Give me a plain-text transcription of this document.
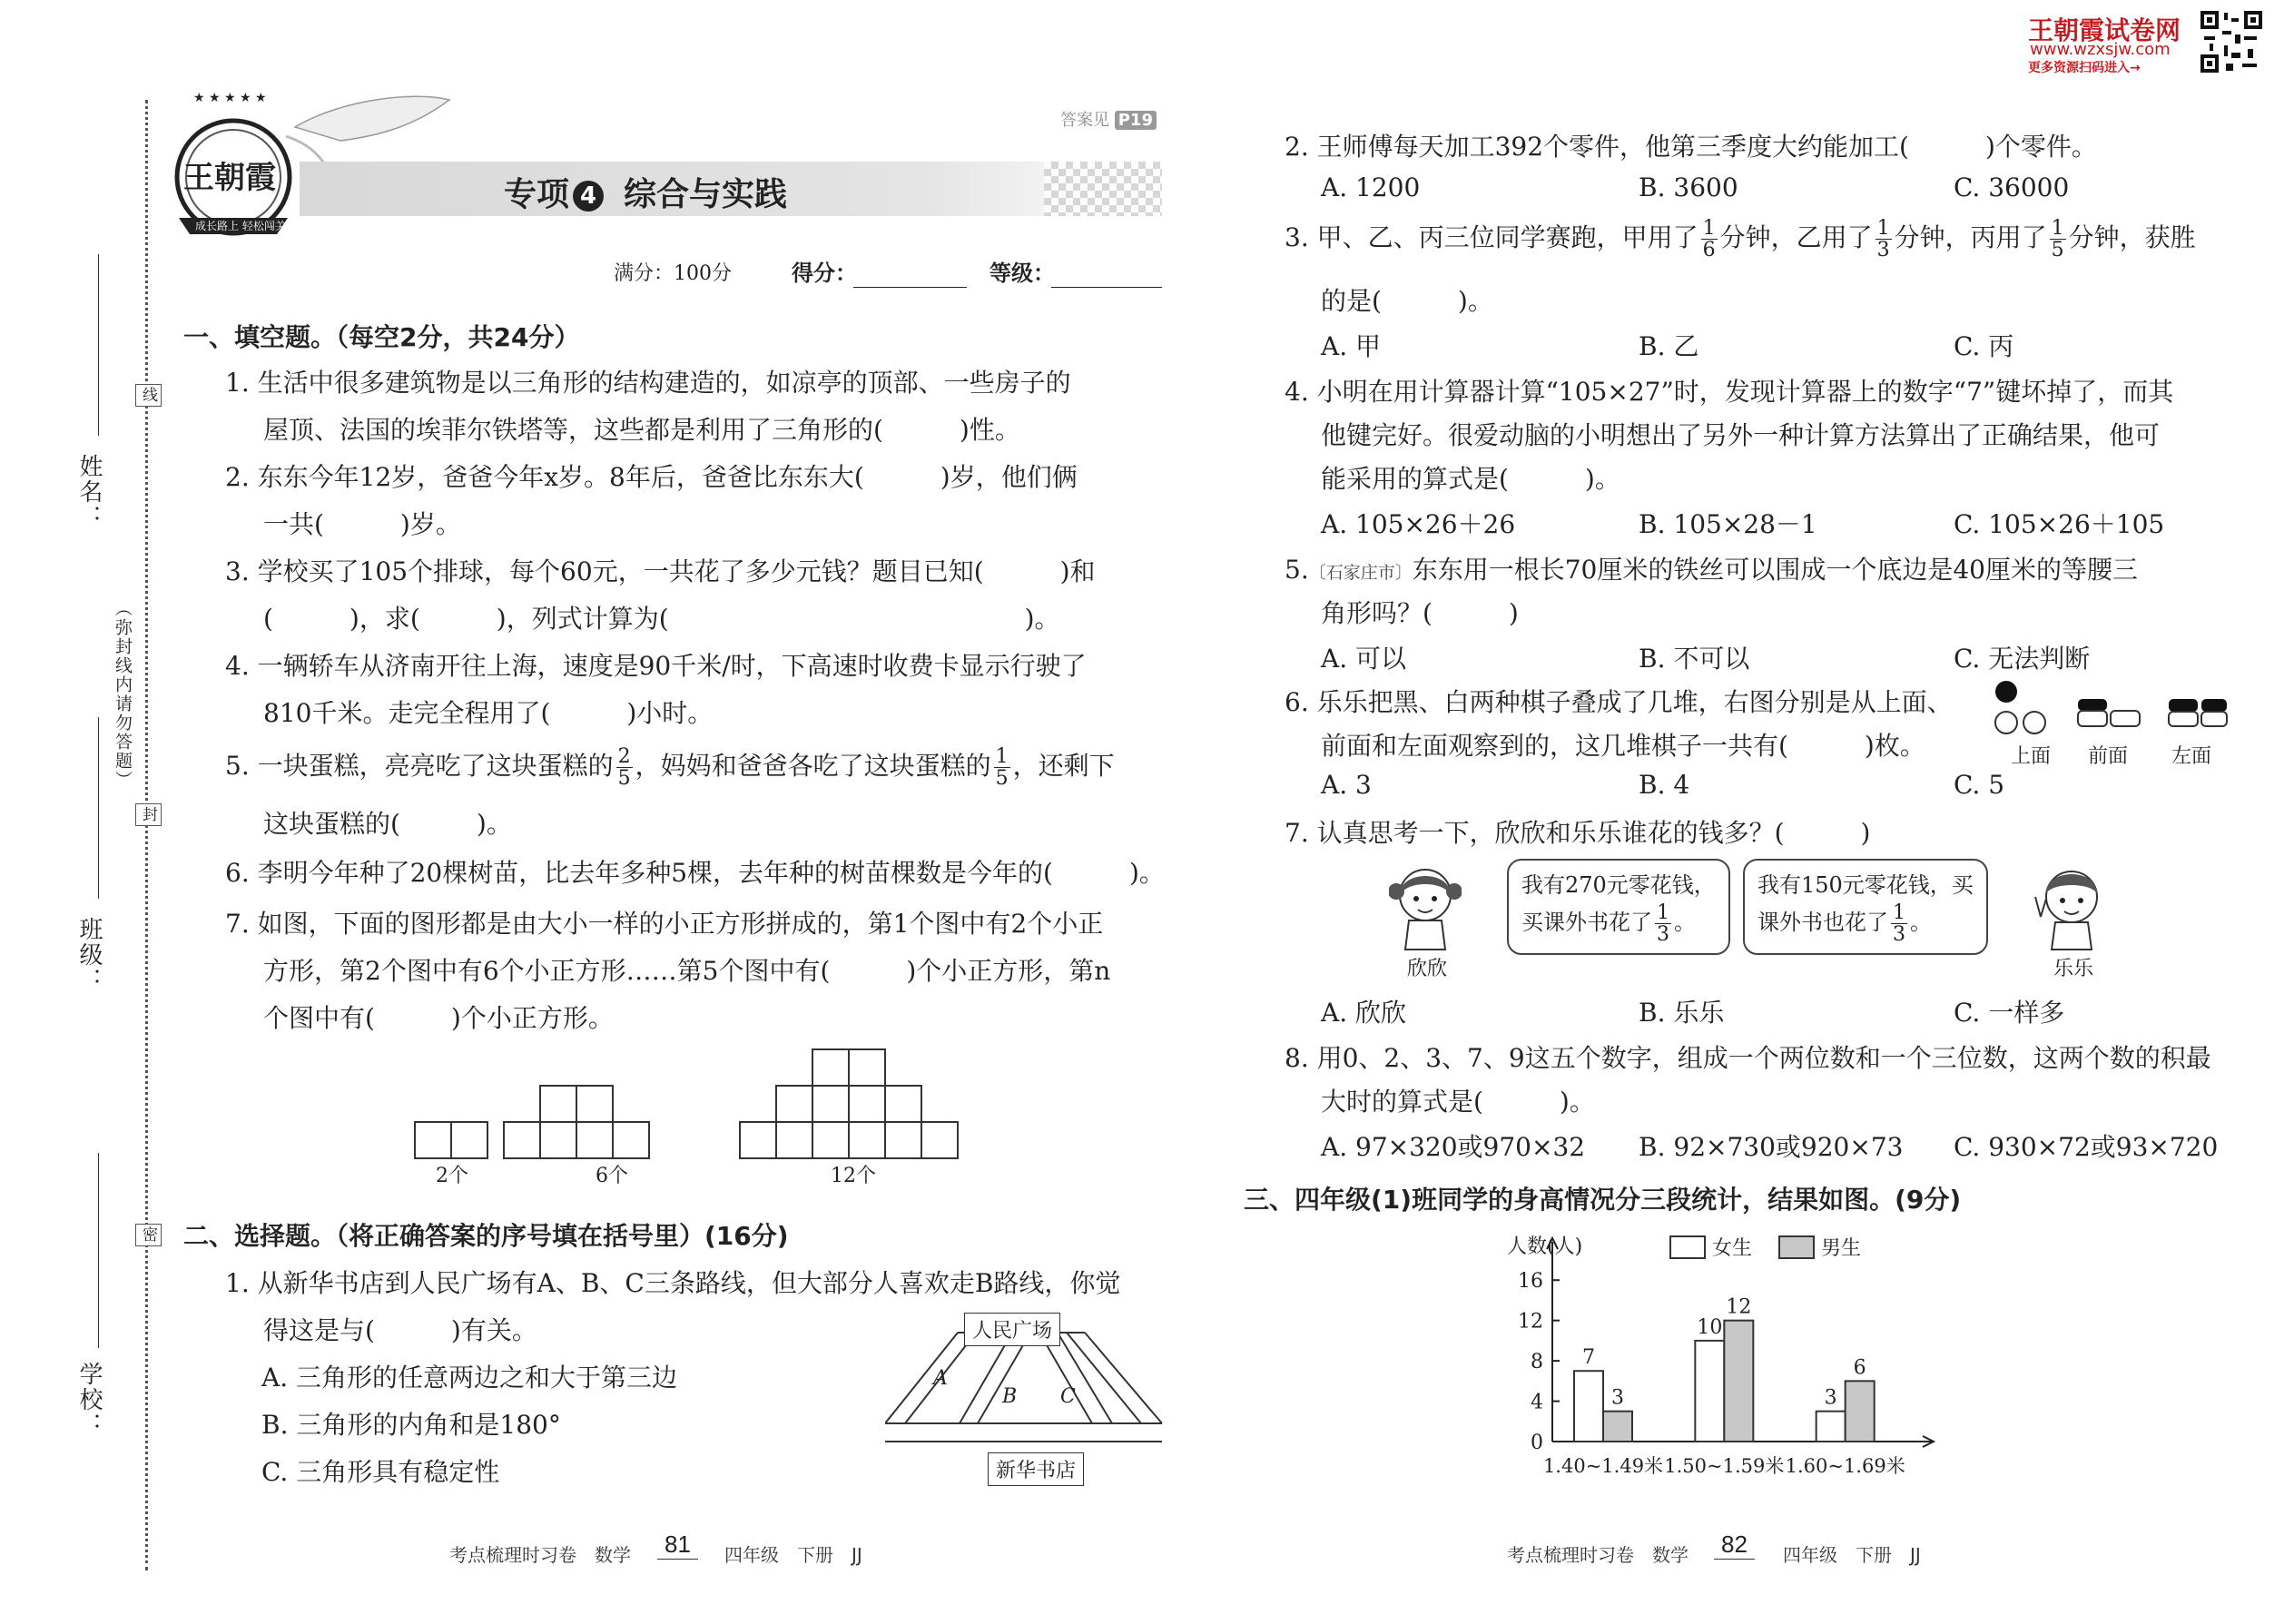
王朝霞试卷网
www.wzxsjw.com
更多资源扫码进入→
姓名：
班级：
学校：
（弥封线内请勿答题）
线
封
密
★ ★ ★ ★ ★
王朝霞
成长路上 轻松闯关
答案见 P19
专项 4 综合与实践
满分：100分	得分：	等级：
一、填空题。（每空2分，共24分）
1. 生活中很多建筑物是以三角形的结构建造的，如凉亭的顶部、一些房子的
屋顶、法国的埃菲尔铁塔等，这些都是利用了三角形的(　　　)性。
2. 东东今年12岁，爸爸今年x岁。8年后，爸爸比东东大(　　　)岁，他们俩
一共(　　　)岁。
3. 学校买了105个排球，每个60元，一共花了多少元钱？题目已知(　　　)和
(　　　)，求(　　　)，列式计算为(　　　　　　　　　　　　　　)。
4. 一辆轿车从济南开往上海，速度是90千米/时，下高速时收费卡显示行驶了
810千米。走完全程用了(　　　)小时。
5. 一块蛋糕，亮亮吃了这块蛋糕的 $\frac{2}{5}$ ，妈妈和爸爸各吃了这块蛋糕的 $\frac{1}{5}$ ，还剩下
这块蛋糕的(　　　)。
6. 李明今年种了20棵树苗，比去年多种5棵，去年种的树苗棵数是今年的(　　　)。
7. 如图，下面的图形都是由大小一样的小正方形拼成的，第1个图中有2个小正
方形，第2个图中有6个小正方形……第5个图中有(　　　)个小正方形，第n
个图中有(　　　)个小正方形。
2个	6个	12个
二、选择题。（将正确答案的序号填在括号里）(16分)
1. 从新华书店到人民广场有A、B、C三条路线，但大部分人喜欢走B路线，你觉
得这是与(　　　)有关。
A. 三角形的任意两边之和大于第三边
B. 三角形的内角和是180°
C. 三角形具有稳定性
人民广场
新华书店
A
B C
考点梳理时习卷　数学	81	四年级　下册　JJ
2. 王师傅每天加工392个零件，他第三季度大约能加工(　　　)个零件。
A. 1200	B. 3600	C. 36000
3. 甲、乙、丙三位同学赛跑，甲用了 $\frac{1}{6}$ 分钟，乙用了 $\frac{1}{3}$ 分钟，丙用了 $\frac{1}{5}$ 分钟，获胜
的是(　　　)。
A. 甲	B. 乙	C. 丙
4. 小明在用计算器计算“105×27”时，发现计算器上的数字“7”键坏掉了，而其
他键完好。很爱动脑的小明想出了另外一种计算方法算出了正确结果，他可
能采用的算式是(　　　)。
A. 105×26＋26	B. 105×28－1	C. 105×26＋105
5.〔石家庄市〕东东用一根长70厘米的铁丝可以围成一个底边是40厘米的等腰三
角形吗？(　　　)
A. 可以	B. 不可以	C. 无法判断
6. 乐乐把黑、白两种棋子叠成了几堆，右图分别是从上面、
前面和左面观察到的，这几堆棋子一共有(　　　)枚。
A. 3	B. 4	C. 5
上面 前面 左面
7. 认真思考一下，欣欣和乐乐谁花的钱多？(　　　)
欣欣
我有270元零花钱，
买课外书花了 $\frac{1}{3}$ 。
我有150元零花钱，买
课外书也花了 $\frac{1}{3}$ 。
乐乐
A. 欣欣	B. 乐乐	C. 一样多
8. 用0、2、3、7、9这五个数字，组成一个两位数和一个三位数，这两个数的积最
大时的算式是(　　　)。
A. 97×320或970×32 B. 92×730或920×73 C. 930×72或93×720
三、四年级(1)班同学的身高情况分三段统计，结果如图。(9分)
人数(人)	女生	男生
0
4
8
12
16
7
3
1.40~1.49米
10
12
1.50~1.59米
3
6
1.60~1.69米
考点梳理时习卷　数学	82	四年级　下册　JJ
